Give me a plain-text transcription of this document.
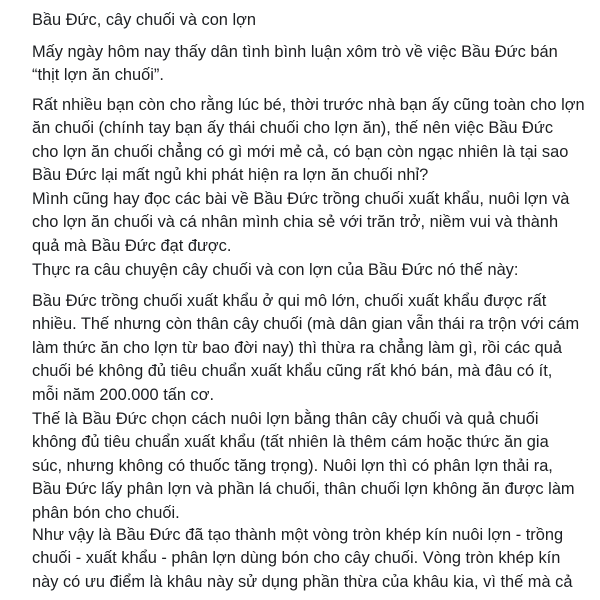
Bầu Đức, cây chuối và con lợn

Mấy ngày hôm nay thấy dân tình bình luận xôm trò về việc Bầu Đức bán
“thịt lợn ăn chuối”.

Rất nhiều bạn còn cho rằng lúc bé, thời trước nhà bạn ấy cũng toàn cho lợn
ăn chuối (chính tay bạn ấy thái chuối cho lợn ăn), thế nên việc Bầu Đức
cho lợn ăn chuối chẳng có gì mới mẻ cả, có bạn còn ngạc nhiên là tại sao
Bầu Đức lại mất ngủ khi phát hiện ra lợn ăn chuối nhỉ?

Mình cũng hay đọc các bài về Bầu Đức trồng chuối xuất khẩu, nuôi lợn và
cho lợn ăn chuối và cá nhân mình chia sẻ với trăn trở, niềm vui và thành
quả mà Bầu Đức đạt được.

Thực ra câu chuyện cây chuối và con lợn của Bầu Đức nó thế này:

Bầu Đức trồng chuối xuất khẩu ở qui mô lớn, chuối xuất khẩu được rất
nhiều. Thế nhưng còn thân cây chuối (mà dân gian vẫn thái ra trộn với cám
làm thức ăn cho lợn từ bao đời nay) thì thừa ra chẳng làm gì, rồi các quả
chuối bé không đủ tiêu chuẩn xuất khẩu cũng rất khó bán, mà đâu có ít,
mỗi năm 200.000 tấn cơ.

Thế là Bầu Đức chọn cách nuôi lợn bằng thân cây chuối và quả chuối
không đủ tiêu chuẩn xuất khẩu (tất nhiên là thêm cám hoặc thức ăn gia
súc, nhưng không có thuốc tăng trọng). Nuôi lợn thì có phân lợn thải ra,
Bầu Đức lấy phân lợn và phần lá chuối, thân chuối lợn không ăn được làm
phân bón cho chuối.

Như vậy là Bầu Đức đã tạo thành một vòng tròn khép kín nuôi lợn - trồng
chuối - xuất khẩu - phân lợn dùng bón cho cây chuối. Vòng tròn khép kín
này có ưu điểm là khâu này sử dụng phần thừa của khâu kia, vì thế mà cả
